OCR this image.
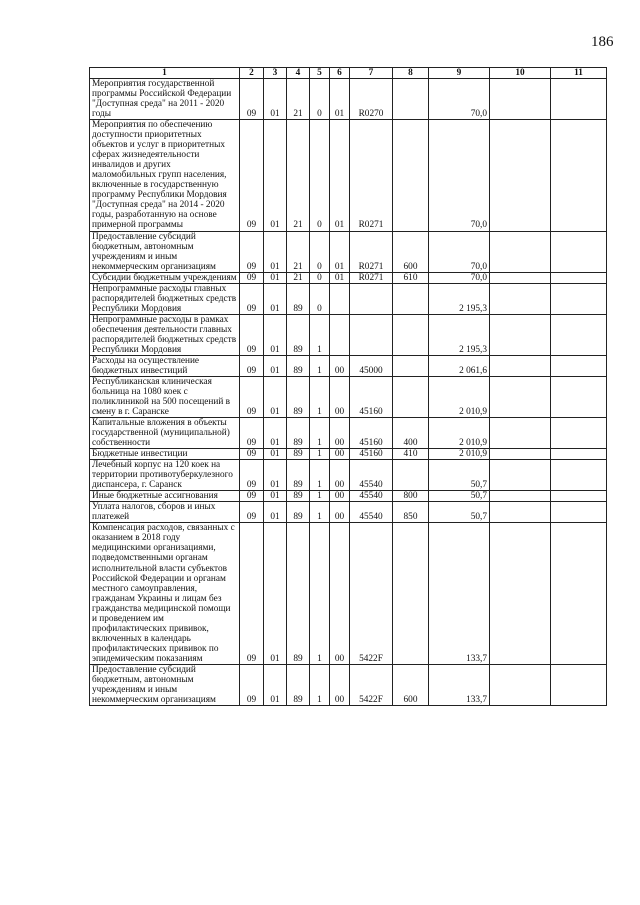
186
1	2	3	4	5	6	7	8	9	10	11
Мероприятия государственной программы Российской Федерации "Доступная среда" на 2011 - 2020 годы	09	01	21	0	01	R0270		70,0		
Мероприятия по обеспечению доступности приоритетных объектов и услуг в приоритетных сферах жизнедеятельности инвалидов и других маломобильных групп населения, включенные в государственную программу Республики Мордовия "Доступная среда" на 2014 - 2020 годы, разработанную на основе примерной программы	09	01	21	0	01	R0271		70,0		
Предоставление субсидий бюджетным, автономным учреждениям и иным некоммерческим организациям	09	01	21	0	01	R0271	600	70,0		
Субсидии бюджетным учреждениям	09	01	21	0	01	R0271	610	70,0		
Непрограммные расходы главных распорядителей бюджетных средств Республики Мордовия	09	01	89	0				2 195,3		
Непрограммные расходы в рамках обеспечения деятельности главных распорядителей бюджетных средств Республики Мордовия	09	01	89	1				2 195,3		
Расходы на осуществление бюджетных инвестиций	09	01	89	1	00	45000		2 061,6		
Республиканская клиническая больница на 1080 коек с поликлиникой на 500 посещений в смену в г. Саранске	09	01	89	1	00	45160		2 010,9		
Капитальные вложения в объекты государственной (муниципальной) собственности	09	01	89	1	00	45160	400	2 010,9		
Бюджетные инвестиции	09	01	89	1	00	45160	410	2 010,9		
Лечебный корпус на 120 коек на территории противотуберкулезного диспансера, г. Саранск	09	01	89	1	00	45540		50,7		
Иные бюджетные ассигнования	09	01	89	1	00	45540	800	50,7		
Уплата налогов, сборов и иных платежей	09	01	89	1	00	45540	850	50,7		
Компенсация расходов, связанных с оказанием в 2018 году медицинскими организациями, подведомственными органам исполнительной власти субъектов Российской Федерации и органам местного самоуправления, гражданам Украины и лицам без гражданства медицинской помощи и проведением им профилактических прививок, включенных в календарь профилактических прививок по эпидемическим показаниям	09	01	89	1	00	5422F		133,7		
Предоставление субсидий бюджетным, автономным учреждениям и иным некоммерческим организациям	09	01	89	1	00	5422F	600	133,7		
